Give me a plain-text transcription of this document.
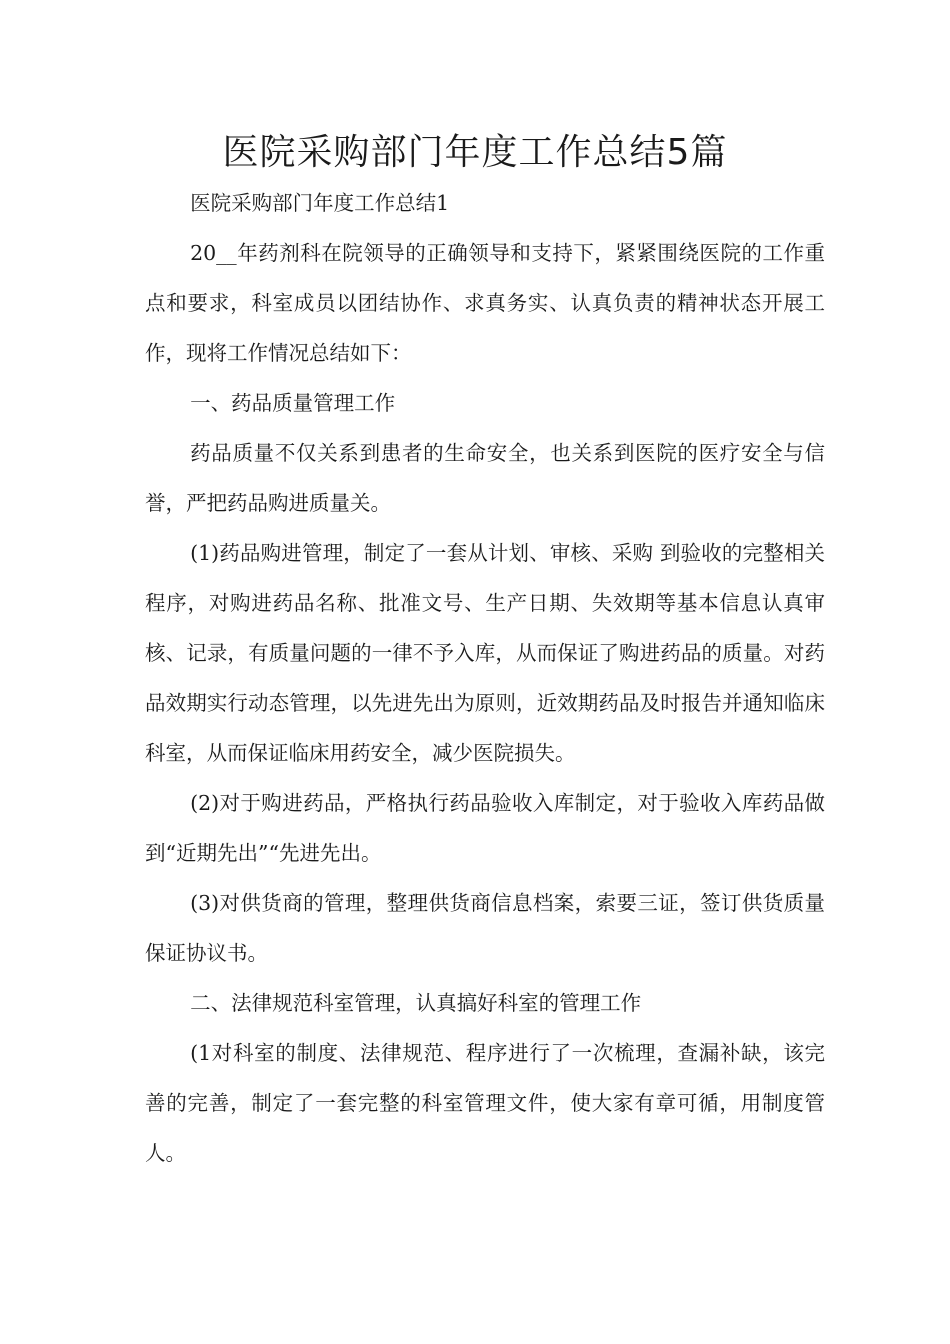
医院采购部门年度工作总结5篇

医院采购部门年度工作总结1

20__年药剂科在院领导的正确领导和支持下，紧紧围绕医院的工作重点和要求，科室成员以团结协作、求真务实、认真负责的精神状态开展工作，现将工作情况总结如下：

一、药品质量管理工作

药品质量不仅关系到患者的生命安全，也关系到医院的医疗安全与信誉，严把药品购进质量关。

(1)药品购进管理，制定了一套从计划、审核、采购 到验收的完整相关程序，对购进药品名称、批准文号、生产日期、失效期等基本信息认真审核、记录，有质量问题的一律不予入库，从而保证了购进药品的质量。对药品效期实行动态管理，以先进先出为原则，近效期药品及时报告并通知临床科室，从而保证临床用药安全，减少医院损失。

(2)对于购进药品，严格执行药品验收入库制定，对于验收入库药品做到“近期先出”“先进先出。

(3)对供货商的管理，整理供货商信息档案，索要三证，签订供货质量保证协议书。

二、法律规范科室管理，认真搞好科室的管理工作

(1对科室的制度、法律规范、程序进行了一次梳理，查漏补缺，该完善的完善，制定了一套完整的科室管理文件，使大家有章可循，用制度管人。
